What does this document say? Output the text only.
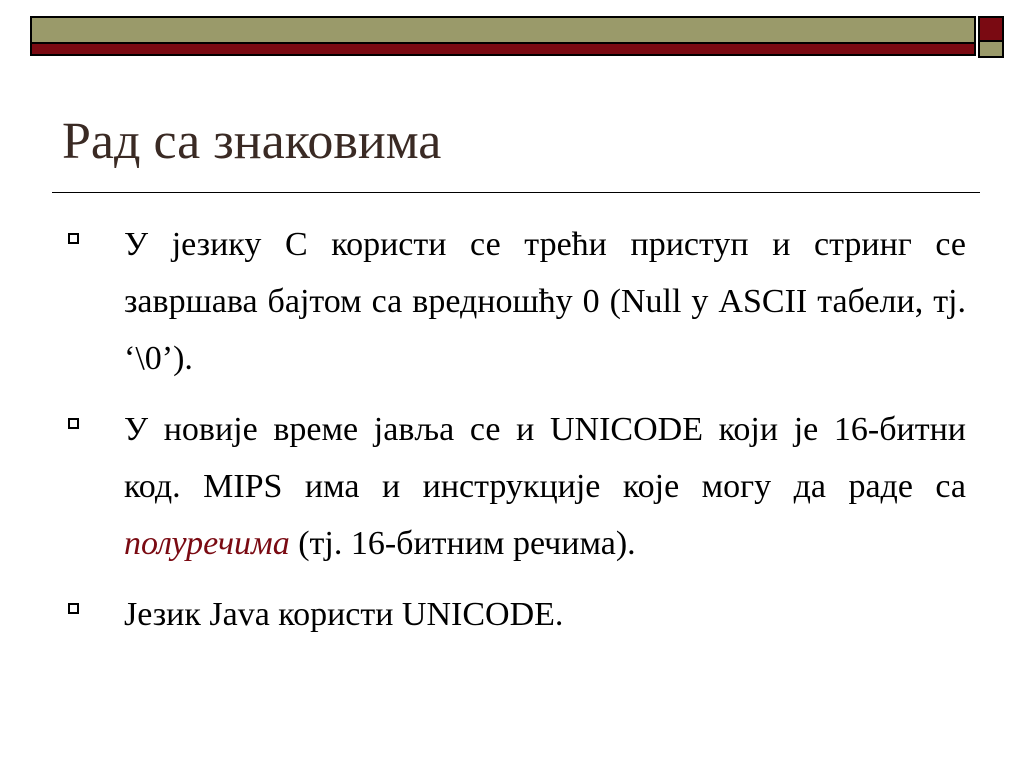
Рад са знаковима
У језику C користи се трећи приступ и стринг се завршава бајтом са вредношћу 0 (Null у ASCII табели, тј. ‘\0’).
У новије време јавља се и UNICODE који је 16-битни код. MIPS има и инструкције које могу да раде са полуречима (тј. 16-битним речима).
Језик Java користи UNICODE.
